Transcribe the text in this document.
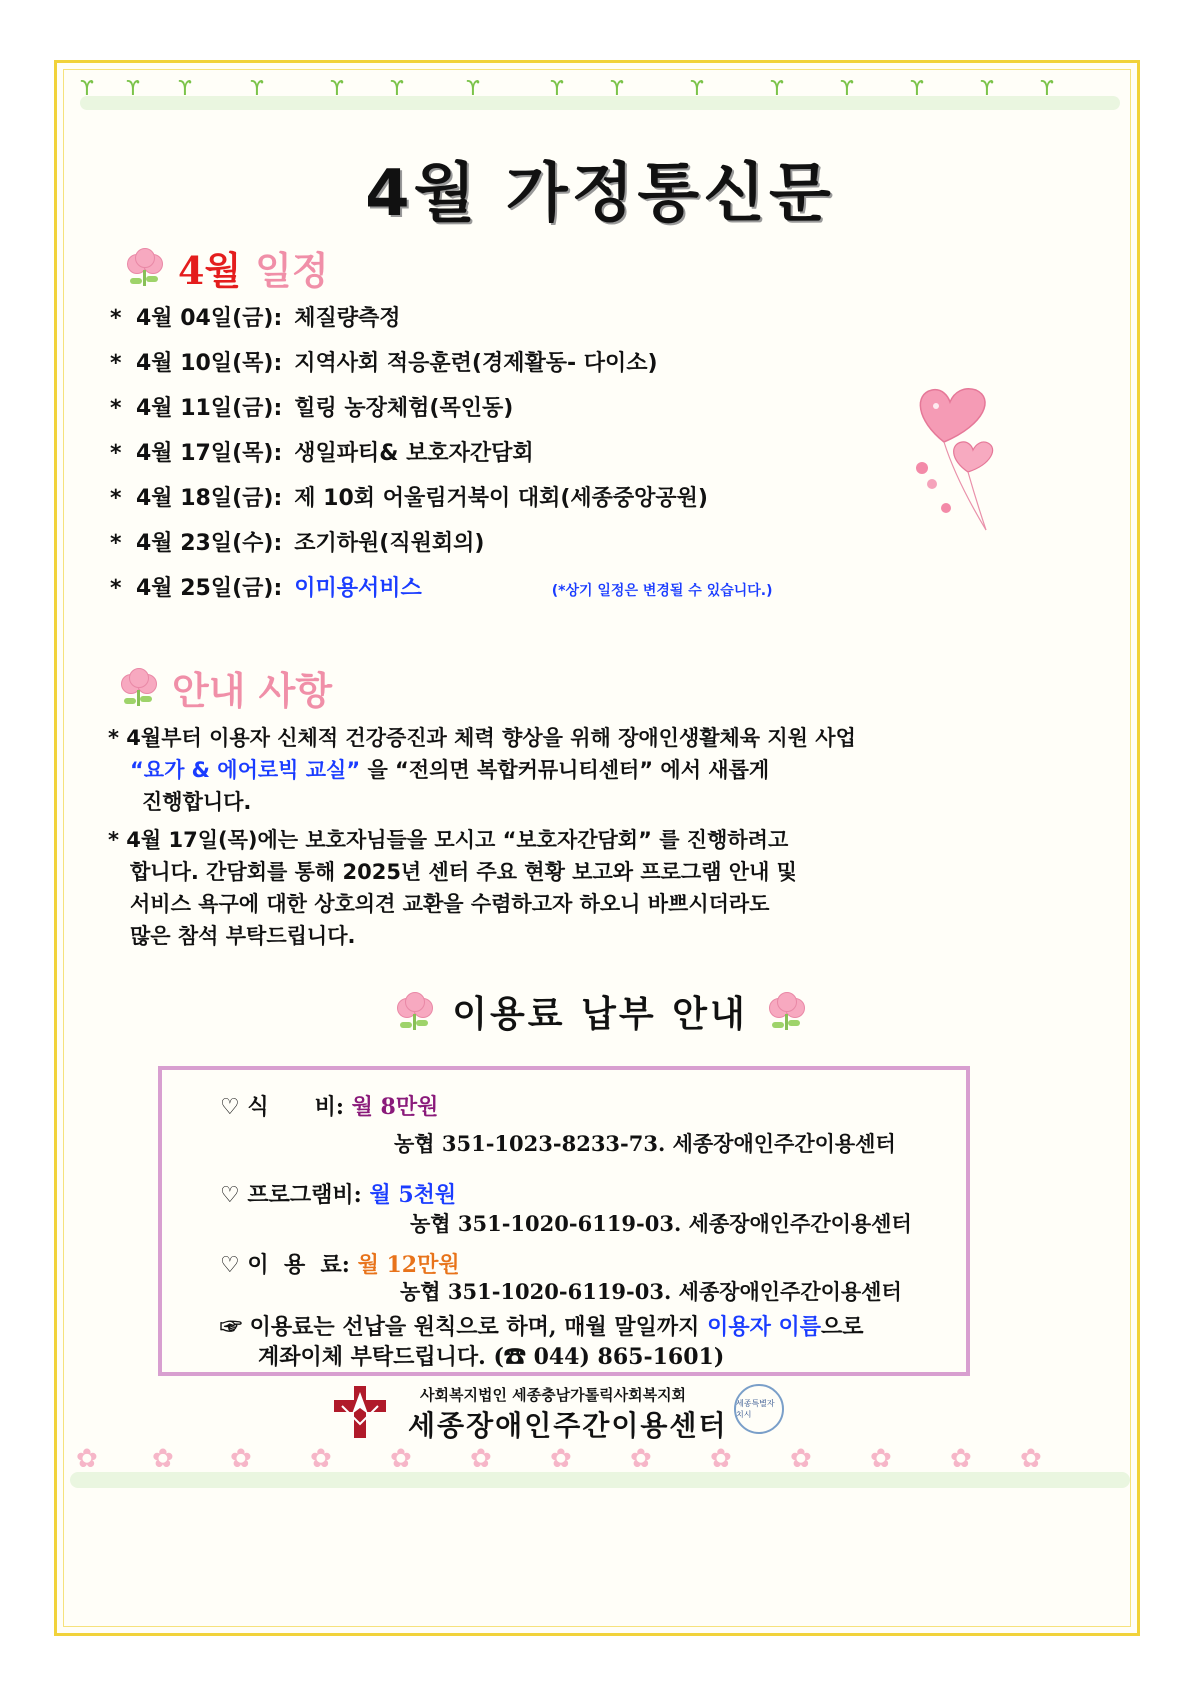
ϒ ϒ ϒ	ϒ	ϒ ϒ	ϒ	ϒ ϒ	ϒ	ϒ	ϒ	ϒ	ϒ ϒ
4월 가정통신문
4월 일정
* 4월 04일(금): 체질량측정
* 4월 10일(목): 지역사회 적응훈련(경제활동- 다이소)
* 4월 11일(금): 힐링 농장체험(목인동)
* 4월 17일(목): 생일파티& 보호자간담회
* 4월 18일(금): 제 10회 어울림거북이 대회(세종중앙공원)
* 4월 23일(수): 조기하원(직원회의)
* 4월 25일(금): 이미용서비스	(*상기 일정은 변경될 수 있습니다.)
안내 사항

* 4월부터 이용자 신체적 건강증진과 체력 향상을 위해 장애인생활체육 지원 사업

“요가 & 에어로빅 교실” 을 “전의면 복합커뮤니티센터” 에서 새롭게

진행합니다.

* 4월 17일(목)에는 보호자님들을 모시고 “보호자간담회” 를 진행하려고

합니다. 간담회를 통해 2025년 센터 주요 현황 보고와 프로그램 안내 및

서비스 욕구에 대한 상호의견 교환을 수렴하고자 하오니 바쁘시더라도

많은 참석 부탁드립니다.

이용료 납부 안내
♡ 식      비: 월 8만원
농협 351-1023-8233-73. 세종장애인주간이용센터
♡ 프로그램비: 월 5천원
농협 351-1020-6119-03. 세종장애인주간이용센터
♡ 이  용  료: 월 12만원
농협 351-1020-6119-03. 세종장애인주간이용센터
☞ 이용료는 선납을 원칙으로 하며, 매월 말일까지 이용자 이름으로
계좌이체 부탁드립니다. (☎ 044) 865-1601)
사회복지법인 세종충남가톨릭사회복지회
세종장애인주간이용센터
세종특별자치시
✿ ✿ ✿ ✿ ✿ ✿ ✿ ✿ ✿ ✿ ✿ ✿ ✿
